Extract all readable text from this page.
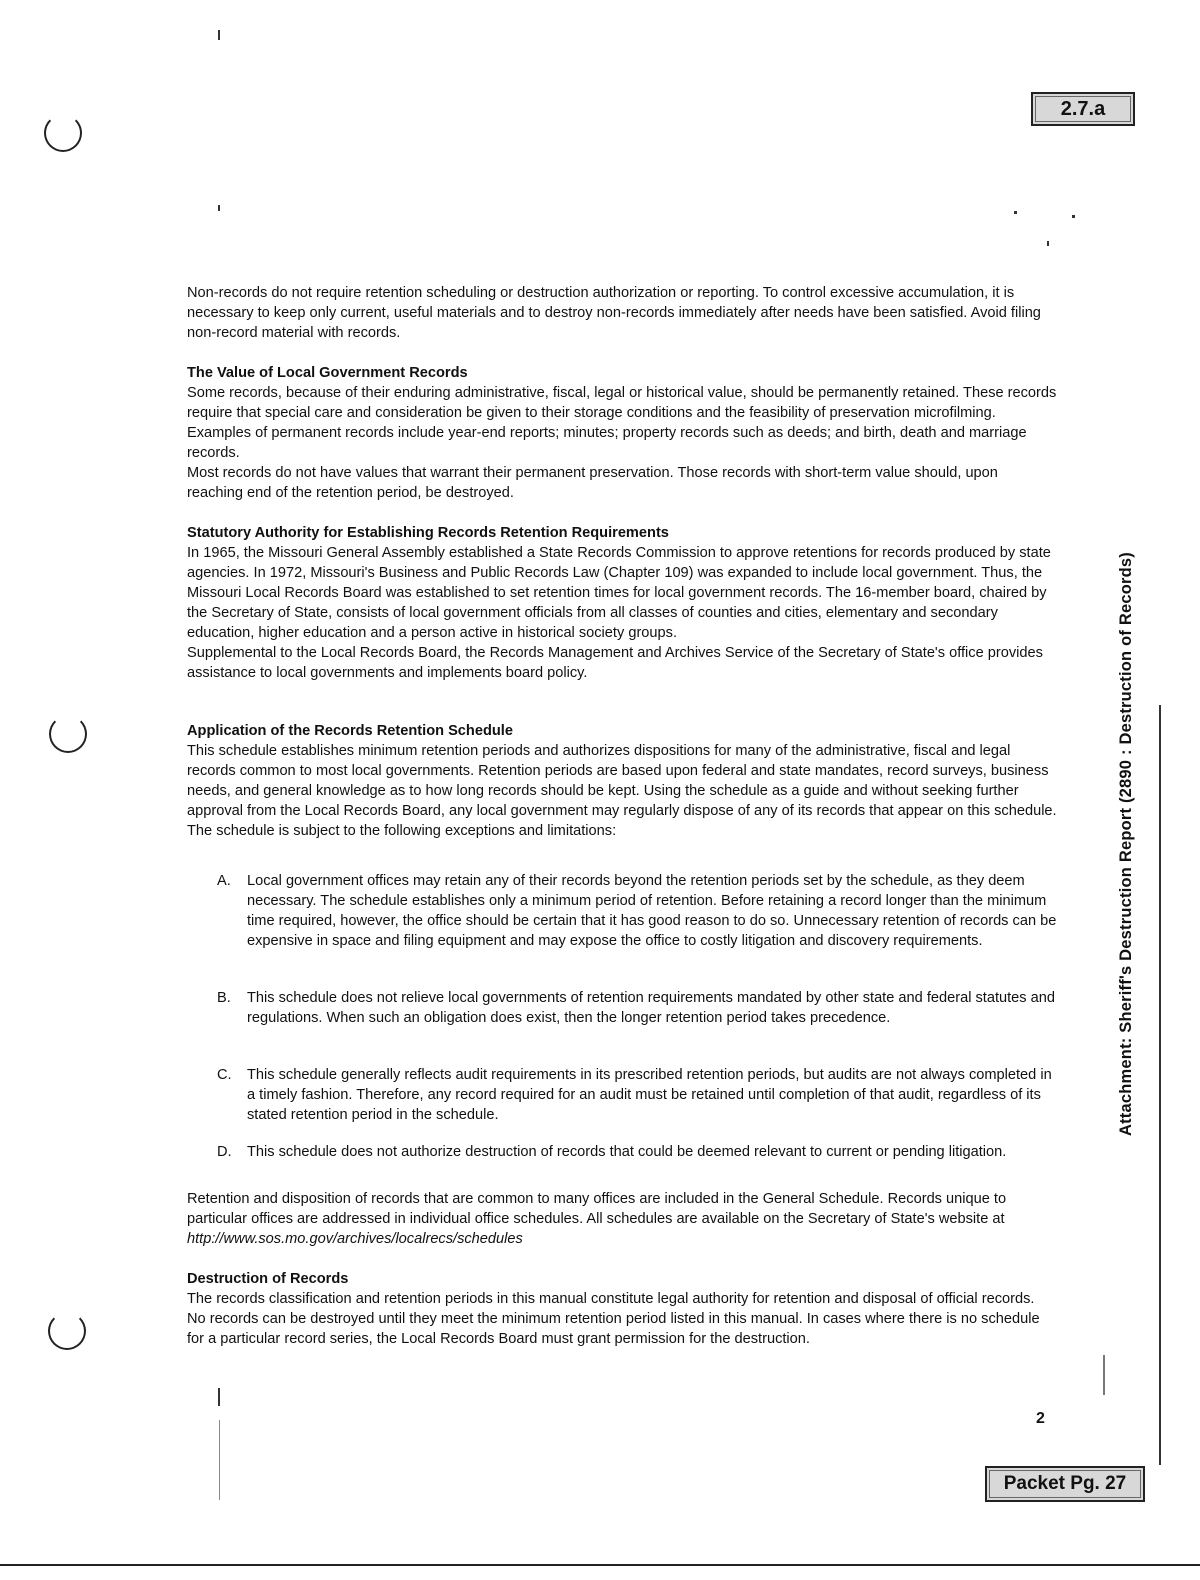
2.7.a
Attachment: Sheriff's Destruction Report (2890 : Destruction of Records)

Non-records do not require retention scheduling or destruction authorization or reporting. To control excessive accumulation, it is necessary to keep only current, useful materials and to destroy non-records immediately after needs have been satisfied. Avoid filing non-record material with records.

The Value of Local Government Records

Some records, because of their enduring administrative, fiscal, legal or historical value, should be permanently retained. These records require that special care and consideration be given to their storage conditions and the feasibility of preservation microfilming. Examples of permanent records include year-end reports; minutes; property records such as deeds; and birth, death and marriage records.

Most records do not have values that warrant their permanent preservation. Those records with short-term value should, upon reaching end of the retention period, be destroyed.

Statutory Authority for Establishing Records Retention Requirements

In 1965, the Missouri General Assembly established a State Records Commission to approve retentions for records produced by state agencies. In 1972, Missouri's Business and Public Records Law (Chapter 109) was expanded to include local government. Thus, the Missouri Local Records Board was established to set retention times for local government records. The 16-member board, chaired by the Secretary of State, consists of local government officials from all classes of counties and cities, elementary and secondary education, higher education and a person active in historical society groups.

Supplemental to the Local Records Board, the Records Management and Archives Service of the Secretary of State's office provides assistance to local governments and implements board policy.

Application of the Records Retention Schedule

This schedule establishes minimum retention periods and authorizes dispositions for many of the administrative, fiscal and legal records common to most local governments. Retention periods are based upon federal and state mandates, record surveys, business needs, and general knowledge as to how long records should be kept. Using the schedule as a guide and without seeking further approval from the Local Records Board, any local government may regularly dispose of any of its records that appear on this schedule. The schedule is subject to the following exceptions and limitations:

A. Local government offices may retain any of their records beyond the retention periods set by the schedule, as they deem necessary. The schedule establishes only a minimum period of retention. Before retaining a record longer than the minimum time required, however, the office should be certain that it has good reason to do so. Unnecessary retention of records can be expensive in space and filing equipment and may expose the office to costly litigation and discovery requirements.
B. This schedule does not relieve local governments of retention requirements mandated by other state and federal statutes and regulations. When such an obligation does exist, then the longer retention period takes precedence.
C. This schedule generally reflects audit requirements in its prescribed retention periods, but audits are not always completed in a timely fashion. Therefore, any record required for an audit must be retained until completion of that audit, regardless of its stated retention period in the schedule.
D. This schedule does not authorize destruction of records that could be deemed relevant to current or pending litigation.

Retention and disposition of records that are common to many offices are included in the General Schedule. Records unique to particular offices are addressed in individual office schedules. All schedules are available on the Secretary of State's website at http://www.sos.mo.gov/archives/localrecs/schedules

Destruction of Records

The records classification and retention periods in this manual constitute legal authority for retention and disposal of official records. No records can be destroyed until they meet the minimum retention period listed in this manual. In cases where there is no schedule for a particular record series, the Local Records Board must grant permission for the destruction.

2
Packet Pg. 27
